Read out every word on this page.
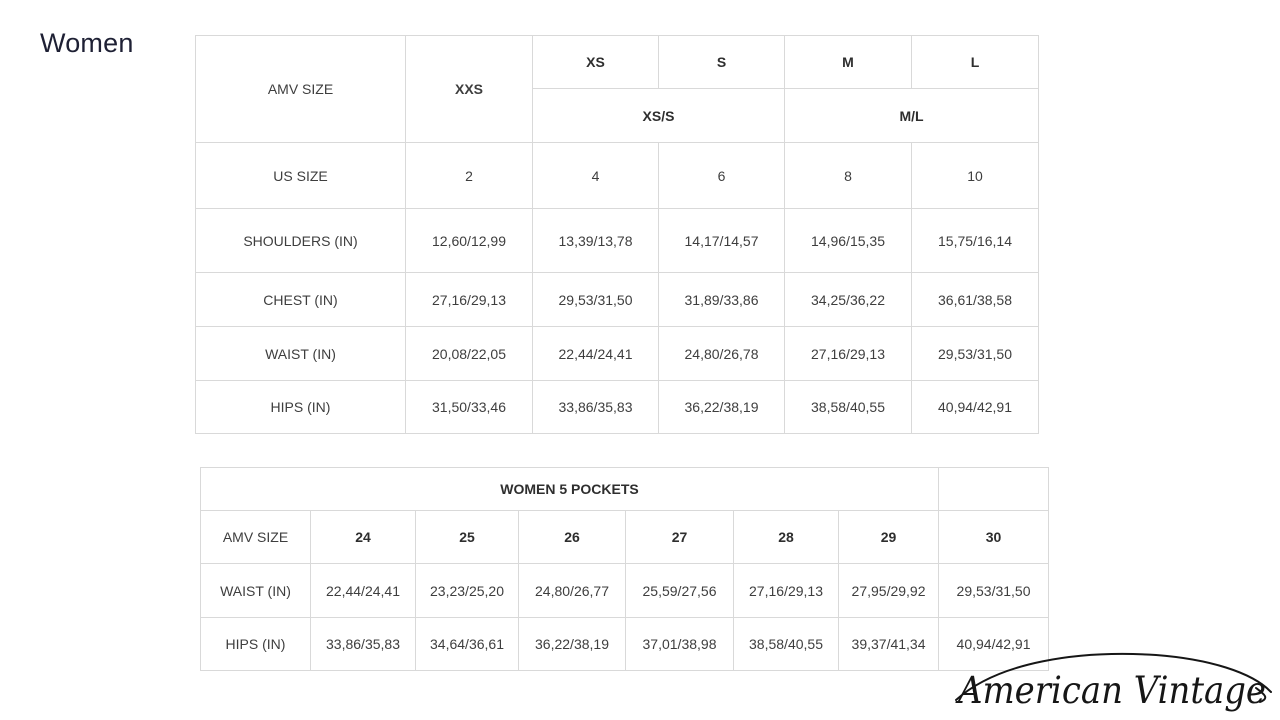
Women
AMV SIZE	XXS	XS	S	M	L
		XS/S		M/L	
US SIZE	2	4	6	8	10
SHOULDERS (IN)	12,60/12,99	13,39/13,78	14,17/14,57	14,96/15,35	15,75/16,14
CHEST (IN)	27,16/29,13	29,53/31,50	31,89/33,86	34,25/36,22	36,61/38,58
WAIST (IN)	20,08/22,05	22,44/24,41	24,80/26,78	27,16/29,13	29,53/31,50
HIPS (IN)	31,50/33,46	33,86/35,83	36,22/38,19	38,58/40,55	40,94/42,91
WOMEN 5 POCKETS							
AMV SIZE	24	25	26	27	28	29	30
WAIST (IN)	22,44/24,41	23,23/25,20	24,80/26,77	25,59/27,56	27,16/29,13	27,95/29,92	29,53/31,50
HIPS (IN)	33,86/35,83	34,64/36,61	36,22/38,19	37,01/38,98	38,58/40,55	39,37/41,34	40,94/42,91
American Vintage
